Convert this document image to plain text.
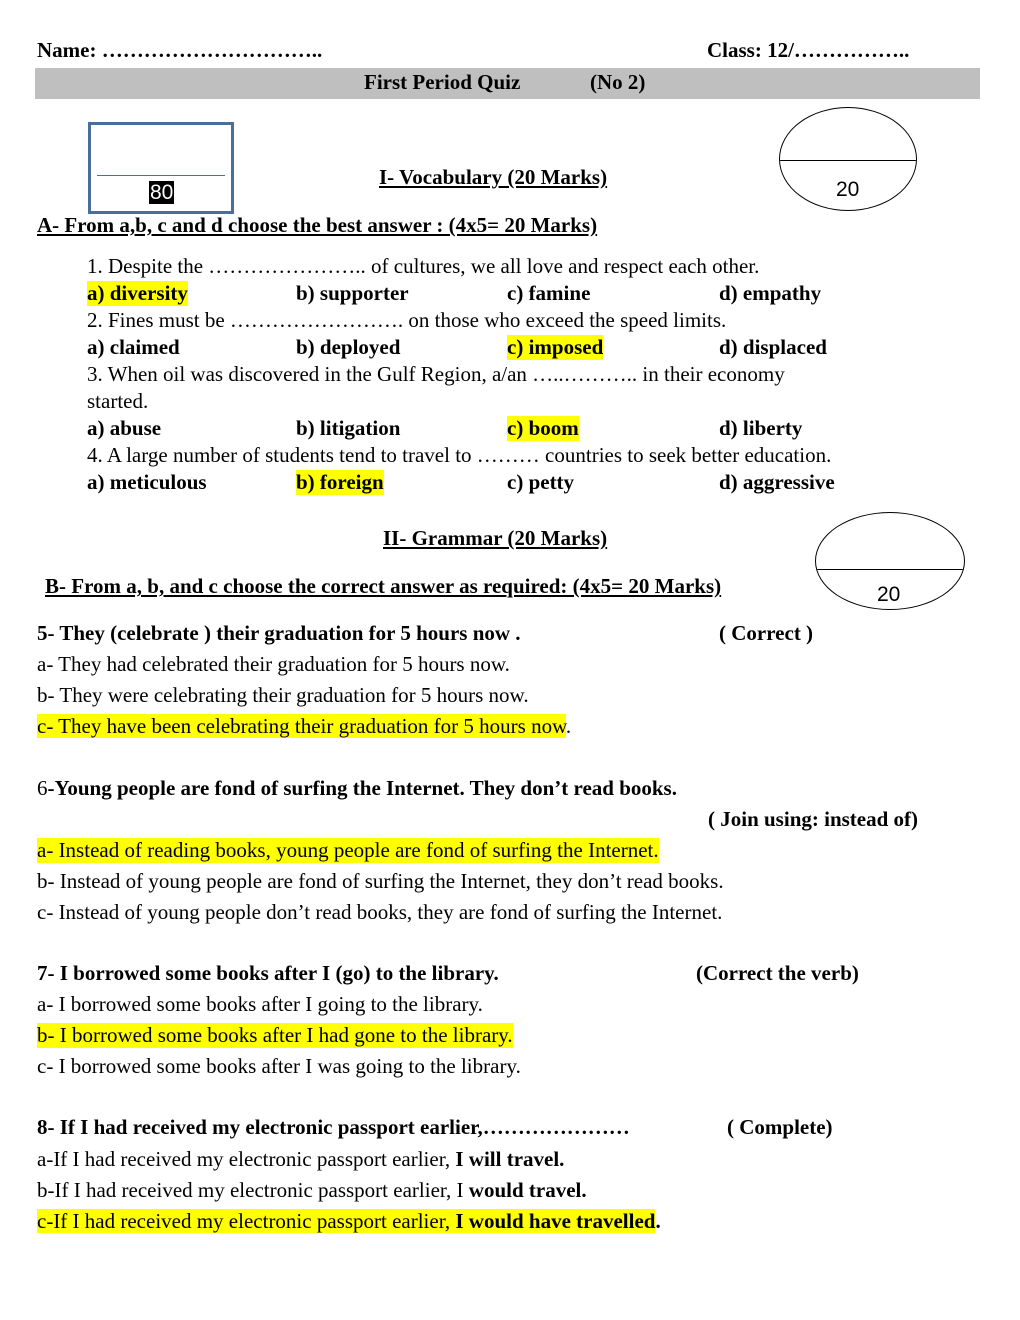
Name: …………………………..	Class: 12/……………..
First Period Quiz	(No 2)
80	20
I- Vocabulary (20 Marks)
A- From a,b, c and d choose the best answer : (4x5= 20 Marks)
1. Despite the ………………….. of cultures, we all love and respect each other.
a) diversity	b) supporter	c) famine	d) empathy
2. Fines must be ……………………. on those who exceed the speed limits.
a) claimed	b) deployed	c) imposed	d) displaced
3. When oil was discovered in the Gulf Region, a/an …..……….. in their economy
started.
a) abuse	b) litigation	c) boom	d) liberty
4. A large number of students tend to travel to ……… countries to seek better education.
a) meticulous	b) foreign	c) petty	d) aggressive
II- Grammar (20 Marks)
20
B- From a, b, and c choose the correct answer as required: (4x5= 20 Marks)
5- They (celebrate ) their graduation for 5 hours now .	( Correct )
a- They had celebrated their graduation for 5 hours now.
b- They were celebrating their graduation for 5 hours now.
c- They have been celebrating their graduation for 5 hours now.
6-Young people are fond of surfing the Internet. They don’t read books.
( Join using: instead of)
a- Instead of reading books, young people are fond of surfing the Internet.
b- Instead of young people are fond of surfing the Internet, they don’t read books.
c- Instead of young people don’t read books, they are fond of surfing the Internet.
7- I borrowed some books after I (go) to the library.	(Correct the verb)
a- I borrowed some books after I going to the library.
b- I borrowed some books after I had gone to the library.
c- I borrowed some books after I was going to the library.
8- If I had received my electronic passport earlier,…………………	( Complete)
a-If I had received my electronic passport earlier, I will travel.
b-If I had received my electronic passport earlier, I would travel.
c-If I had received my electronic passport earlier, I would have travelled.
